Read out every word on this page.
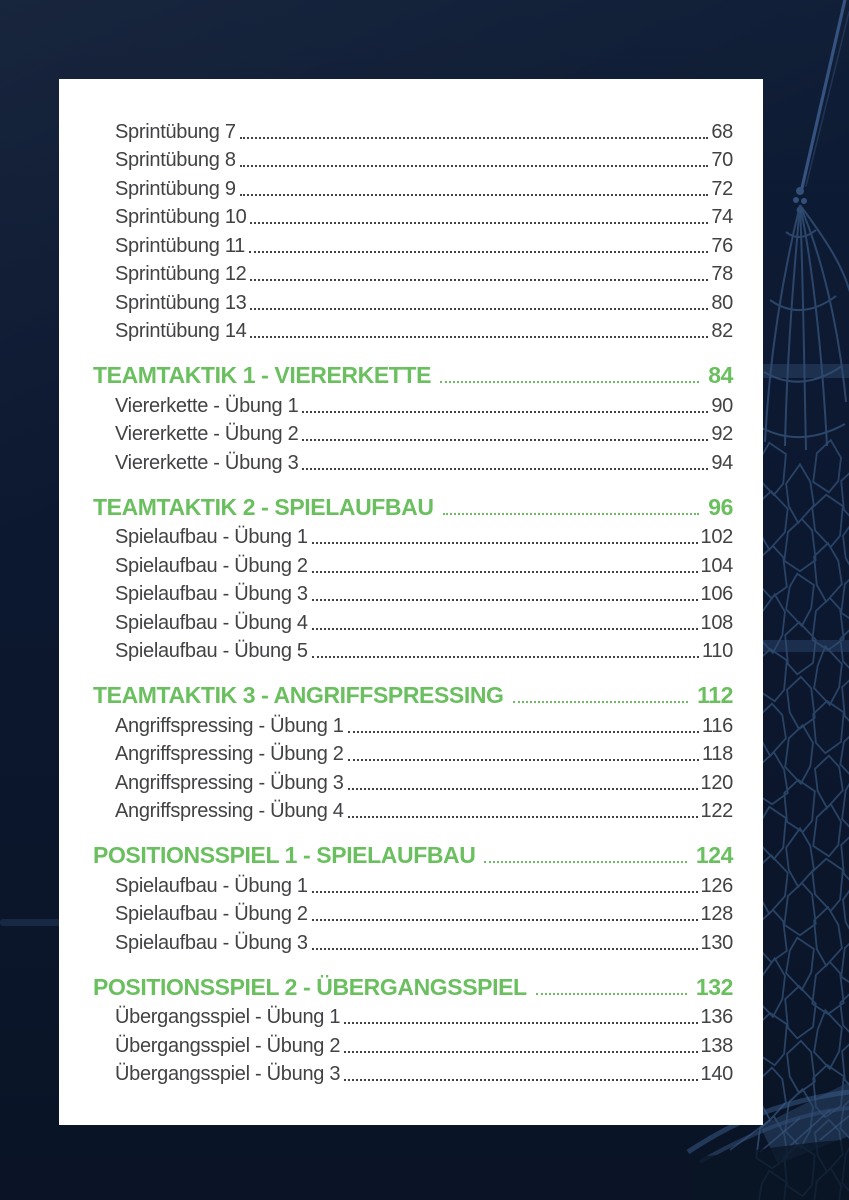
Sprintübung 7	68
Sprintübung 8	70
Sprintübung 9	72
Sprintübung 10	74
Sprintübung 11	76
Sprintübung 12	78
Sprintübung 13	80
Sprintübung 14	82
TEAMTAKTIK 1 - VIERERKETTE	84
Viererkette - Übung 1	90
Viererkette - Übung 2	92
Viererkette - Übung 3	94
TEAMTAKTIK 2 - SPIELAUFBAU	96
Spielaufbau - Übung 1	102
Spielaufbau - Übung 2	104
Spielaufbau - Übung 3	106
Spielaufbau - Übung 4	108
Spielaufbau - Übung 5	110
TEAMTAKTIK 3 - ANGRIFFSPRESSING	112
Angriffspressing - Übung 1	116
Angriffspressing - Übung 2	118
Angriffspressing - Übung 3	120
Angriffspressing - Übung 4	122
POSITIONSSPIEL 1 - SPIELAUFBAU	124
Spielaufbau - Übung 1	126
Spielaufbau - Übung 2	128
Spielaufbau - Übung 3	130
POSITIONSSPIEL 2 - ÜBERGANGSSPIEL	132
Übergangsspiel - Übung 1	136
Übergangsspiel - Übung 2	138
Übergangsspiel - Übung 3	140
